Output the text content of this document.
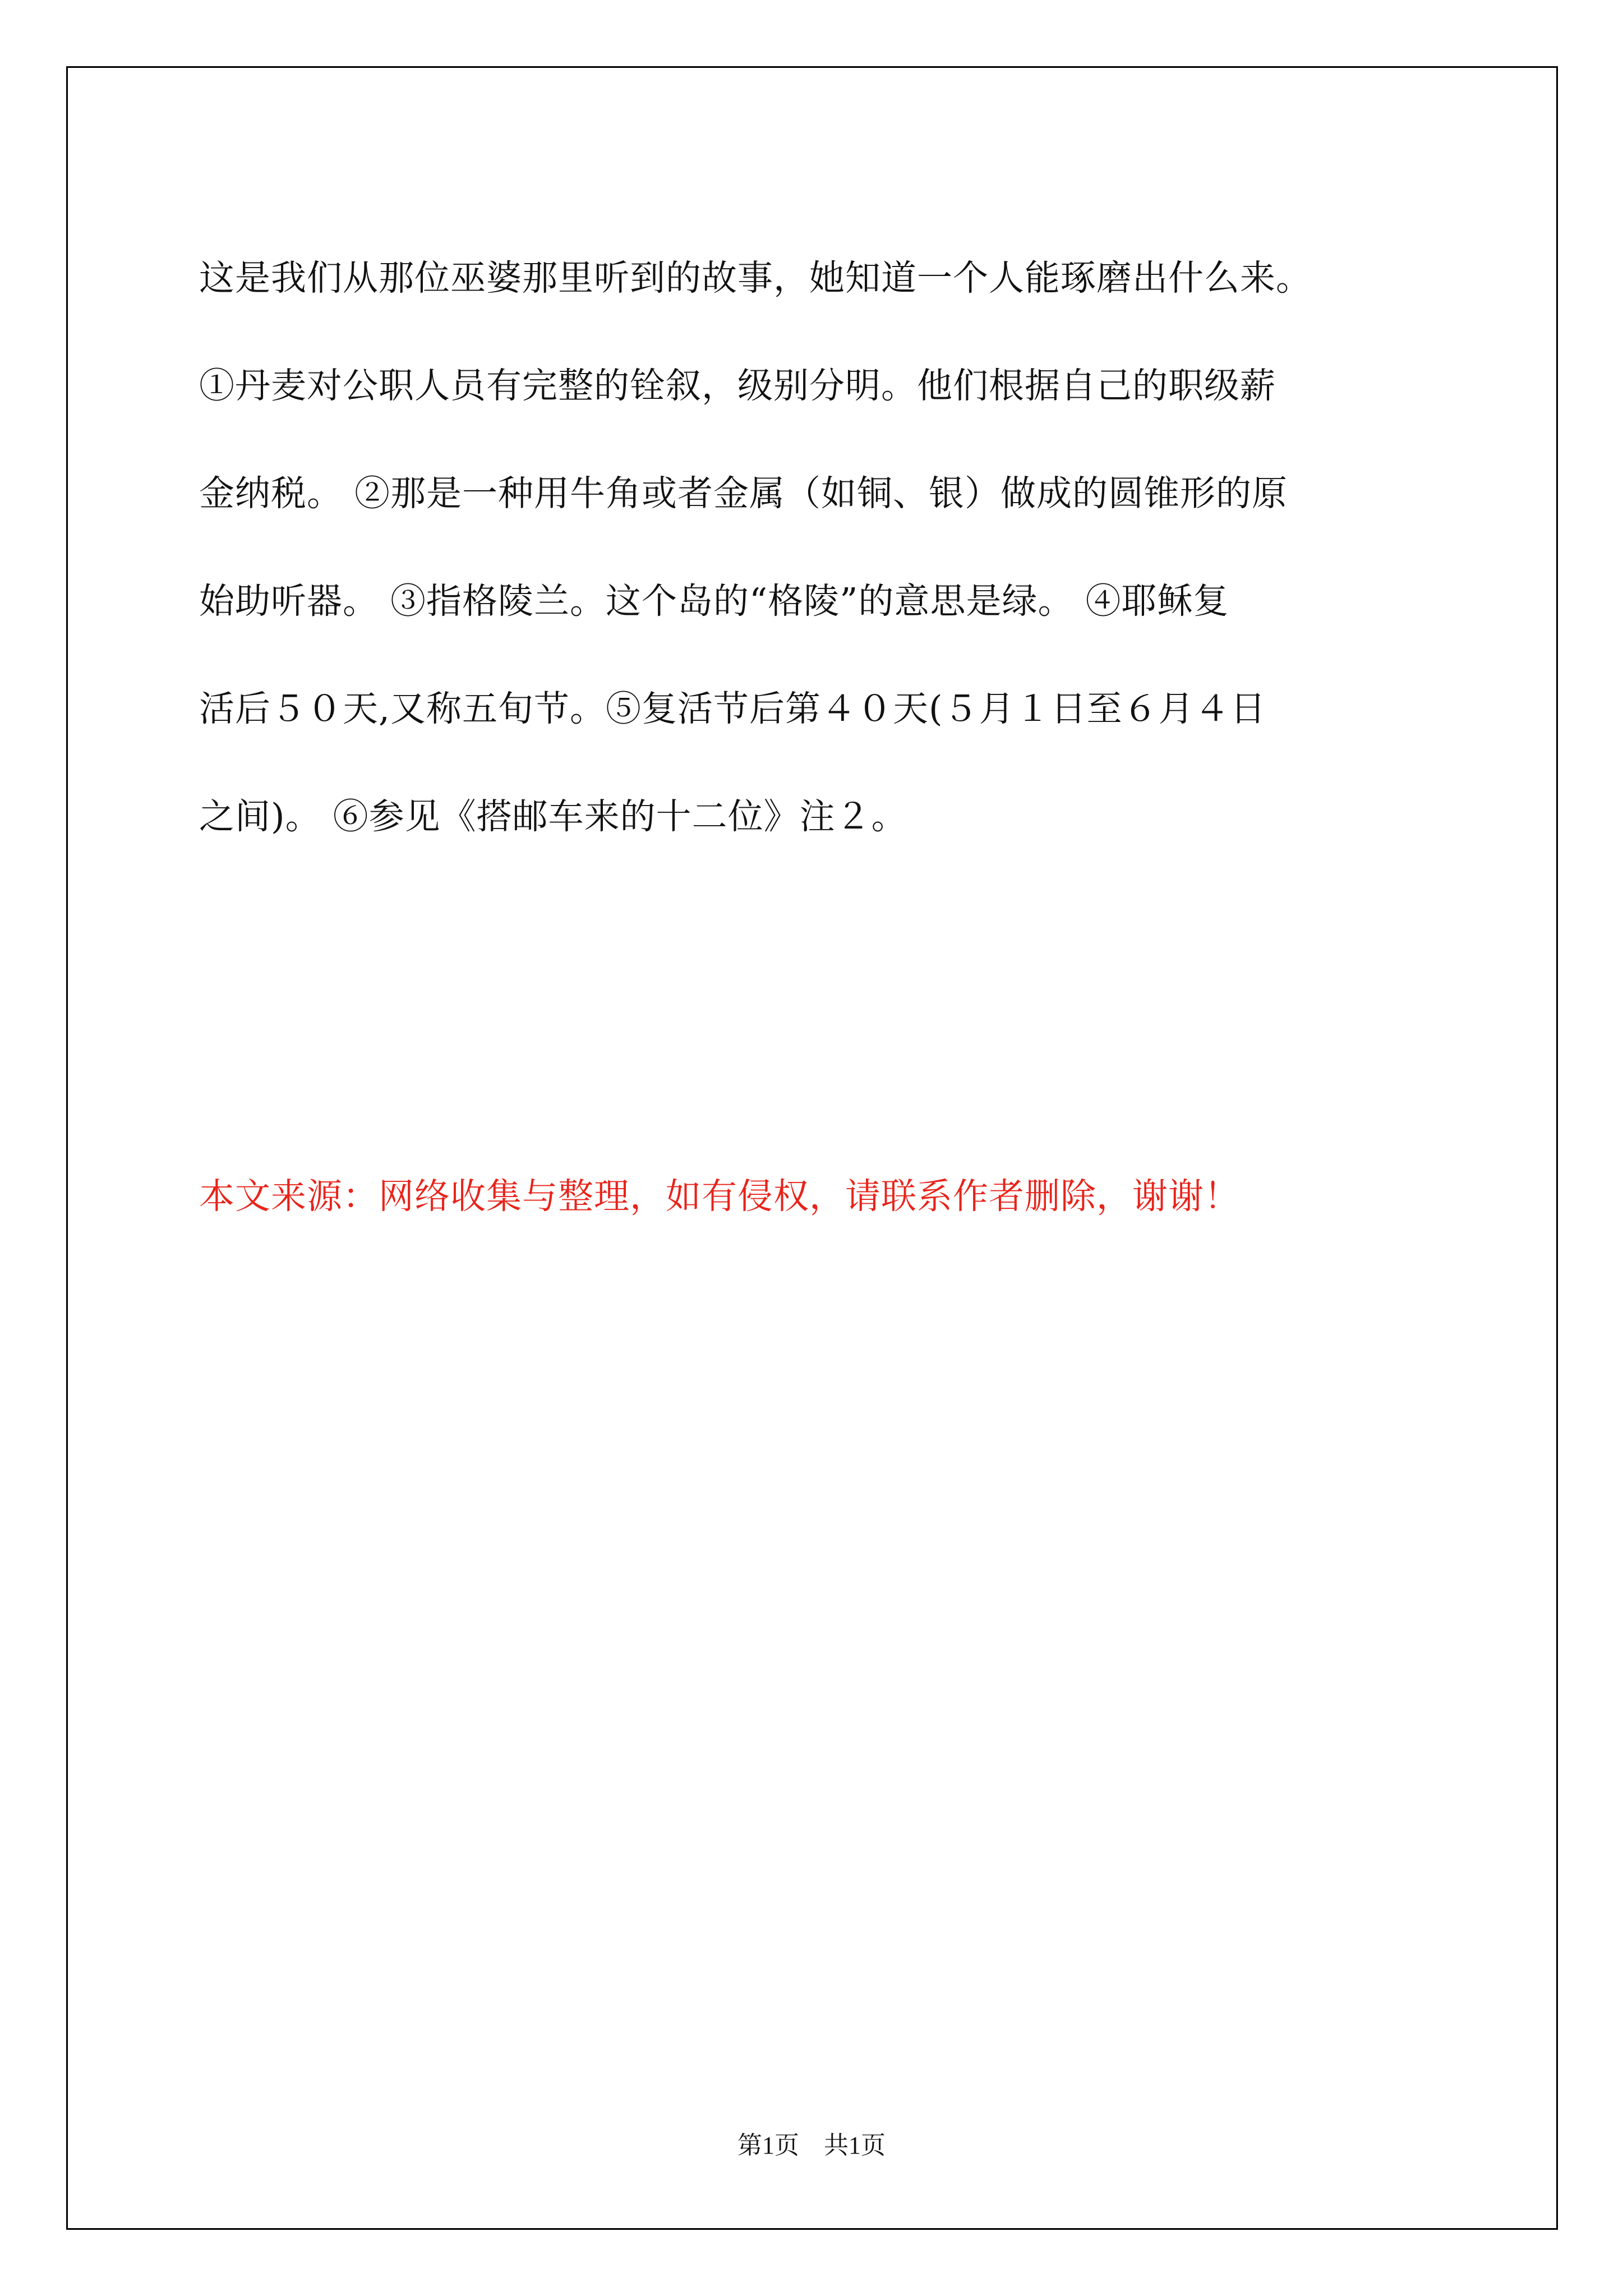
这是我们从那位巫婆那里听到的故事，她知道一个人能琢磨出什么来。
①丹麦对公职人员有完整的铨叙，级别分明。他们根据自己的职级薪
金纳税。 ②那是一种用牛角或者金属（如铜、银）做成的圆锥形的原
始助听器。 ③指格陵兰。这个岛的“格陵”的意思是绿。 ④耶稣复
活后５０天,又称五旬节。⑤复活节后第４０天(５月１日至６月４日
之间)。 ⑥参见《搭邮车来的十二位》注２。
本文来源：网络收集与整理，如有侵权，请联系作者删除，谢谢！
第1页 共1页
